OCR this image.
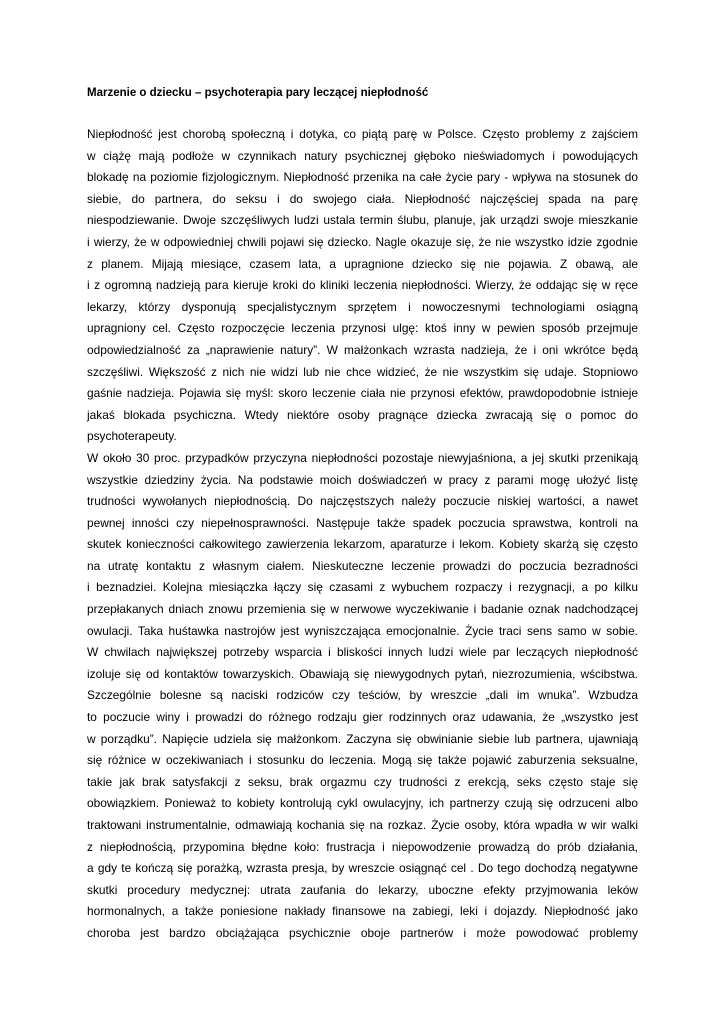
Marzenie o dziecku – psychoterapia pary leczącej niepłodność
Niepłodność jest chorobą społeczną i dotyka, co piątą parę w Polsce. Często problemy z zajściem
w ciążę mają podłoże w czynnikach natury psychicznej głęboko nieświadomych i powodujących
blokadę na poziomie fizjologicznym. Niepłodność przenika na całe życie pary - wpływa na stosunek do
siebie, do partnera, do seksu i do swojego ciała. Niepłodność najczęściej spada na parę
niespodziewanie. Dwoje szczęśliwych ludzi ustala termin ślubu, planuje, jak urządzi swoje mieszkanie
i wierzy, że w odpowiedniej chwili pojawi się dziecko. Nagle okazuje się, że nie wszystko idzie zgodnie
z planem. Mijają miesiące, czasem lata, a upragnione dziecko się nie pojawia. Z obawą, ale
i z ogromną nadzieją para kieruje kroki do kliniki leczenia niepłodności. Wierzy, że oddając się w ręce
lekarzy, którzy dysponują specjalistycznym sprzętem i nowoczesnymi technologiami osiągną
upragniony cel. Często rozpoczęcie leczenia przynosi ulgę: ktoś inny w pewien sposób przejmuje
odpowiedzialność za „naprawienie natury”. W małżonkach wzrasta nadzieja, że i oni wkrótce będą
szczęśliwi. Większość z nich nie widzi lub nie chce widzieć, że nie wszystkim się udaje. Stopniowo
gaśnie nadzieja. Pojawia się myśl: skoro leczenie ciała nie przynosi efektów, prawdopodobnie istnieje
jakaś blokada psychiczna. Wtedy niektóre osoby pragnące dziecka zwracają się o pomoc do
psychoterapeuty.
W około 30 proc. przypadków przyczyna niepłodności pozostaje niewyjaśniona, a jej skutki przenikają
wszystkie dziedziny życia. Na podstawie moich doświadczeń w pracy z parami mogę ułożyć listę
trudności wywołanych niepłodnością. Do najczęstszych należy poczucie niskiej wartości, a nawet
pewnej inności czy niepełnosprawności. Następuje także spadek poczucia sprawstwa, kontroli na
skutek konieczności całkowitego zawierzenia lekarzom, aparaturze i lekom. Kobiety skarżą się często
na utratę kontaktu z własnym ciałem. Nieskuteczne leczenie prowadzi do poczucia bezradności
i beznadziei. Kolejna miesiączka łączy się czasami z wybuchem rozpaczy i rezygnacji, a po kilku
przepłakanych dniach znowu przemienia się w nerwowe wyczekiwanie i badanie oznak nadchodzącej
owulacji. Taka huśtawka nastrojów jest wyniszczająca emocjonalnie. Życie traci sens samo w sobie.
W chwilach największej potrzeby wsparcia i bliskości innych ludzi wiele par leczących niepłodność
izoluje się od kontaktów towarzyskich. Obawiają się niewygodnych pytań, niezrozumienia, wścibstwa.
Szczególnie bolesne są naciski rodziców czy teściów, by wreszcie „dali im wnuka”. Wzbudza
to poczucie winy i prowadzi do różnego rodzaju gier rodzinnych oraz udawania, że „wszystko jest
w porządku”. Napięcie udziela się małżonkom. Zaczyna się obwinianie siebie lub partnera, ujawniają
się różnice w oczekiwaniach i stosunku do leczenia. Mogą się także pojawić zaburzenia seksualne,
takie jak brak satysfakcji z seksu, brak orgazmu czy trudności z erekcją, seks często staje się
obowiązkiem. Ponieważ to kobiety kontrolują cykl owulacyjny, ich partnerzy czują się odrzuceni albo
traktowani instrumentalnie, odmawiają kochania się na rozkaz. Życie osoby, która wpadła w wir walki
z niepłodnością, przypomina błędne koło: frustracja i niepowodzenie prowadzą do prób działania,
a gdy te kończą się porażką, wzrasta presja, by wreszcie osiągnąć cel . Do tego dochodzą negatywne
skutki procedury medycznej: utrata zaufania do lekarzy, uboczne efekty przyjmowania leków
hormonalnych, a także poniesione nakłady finansowe na zabiegi, leki i dojazdy. Niepłodność jako
choroba jest bardzo obciążająca psychicznie oboje partnerów i może powodować problemy
